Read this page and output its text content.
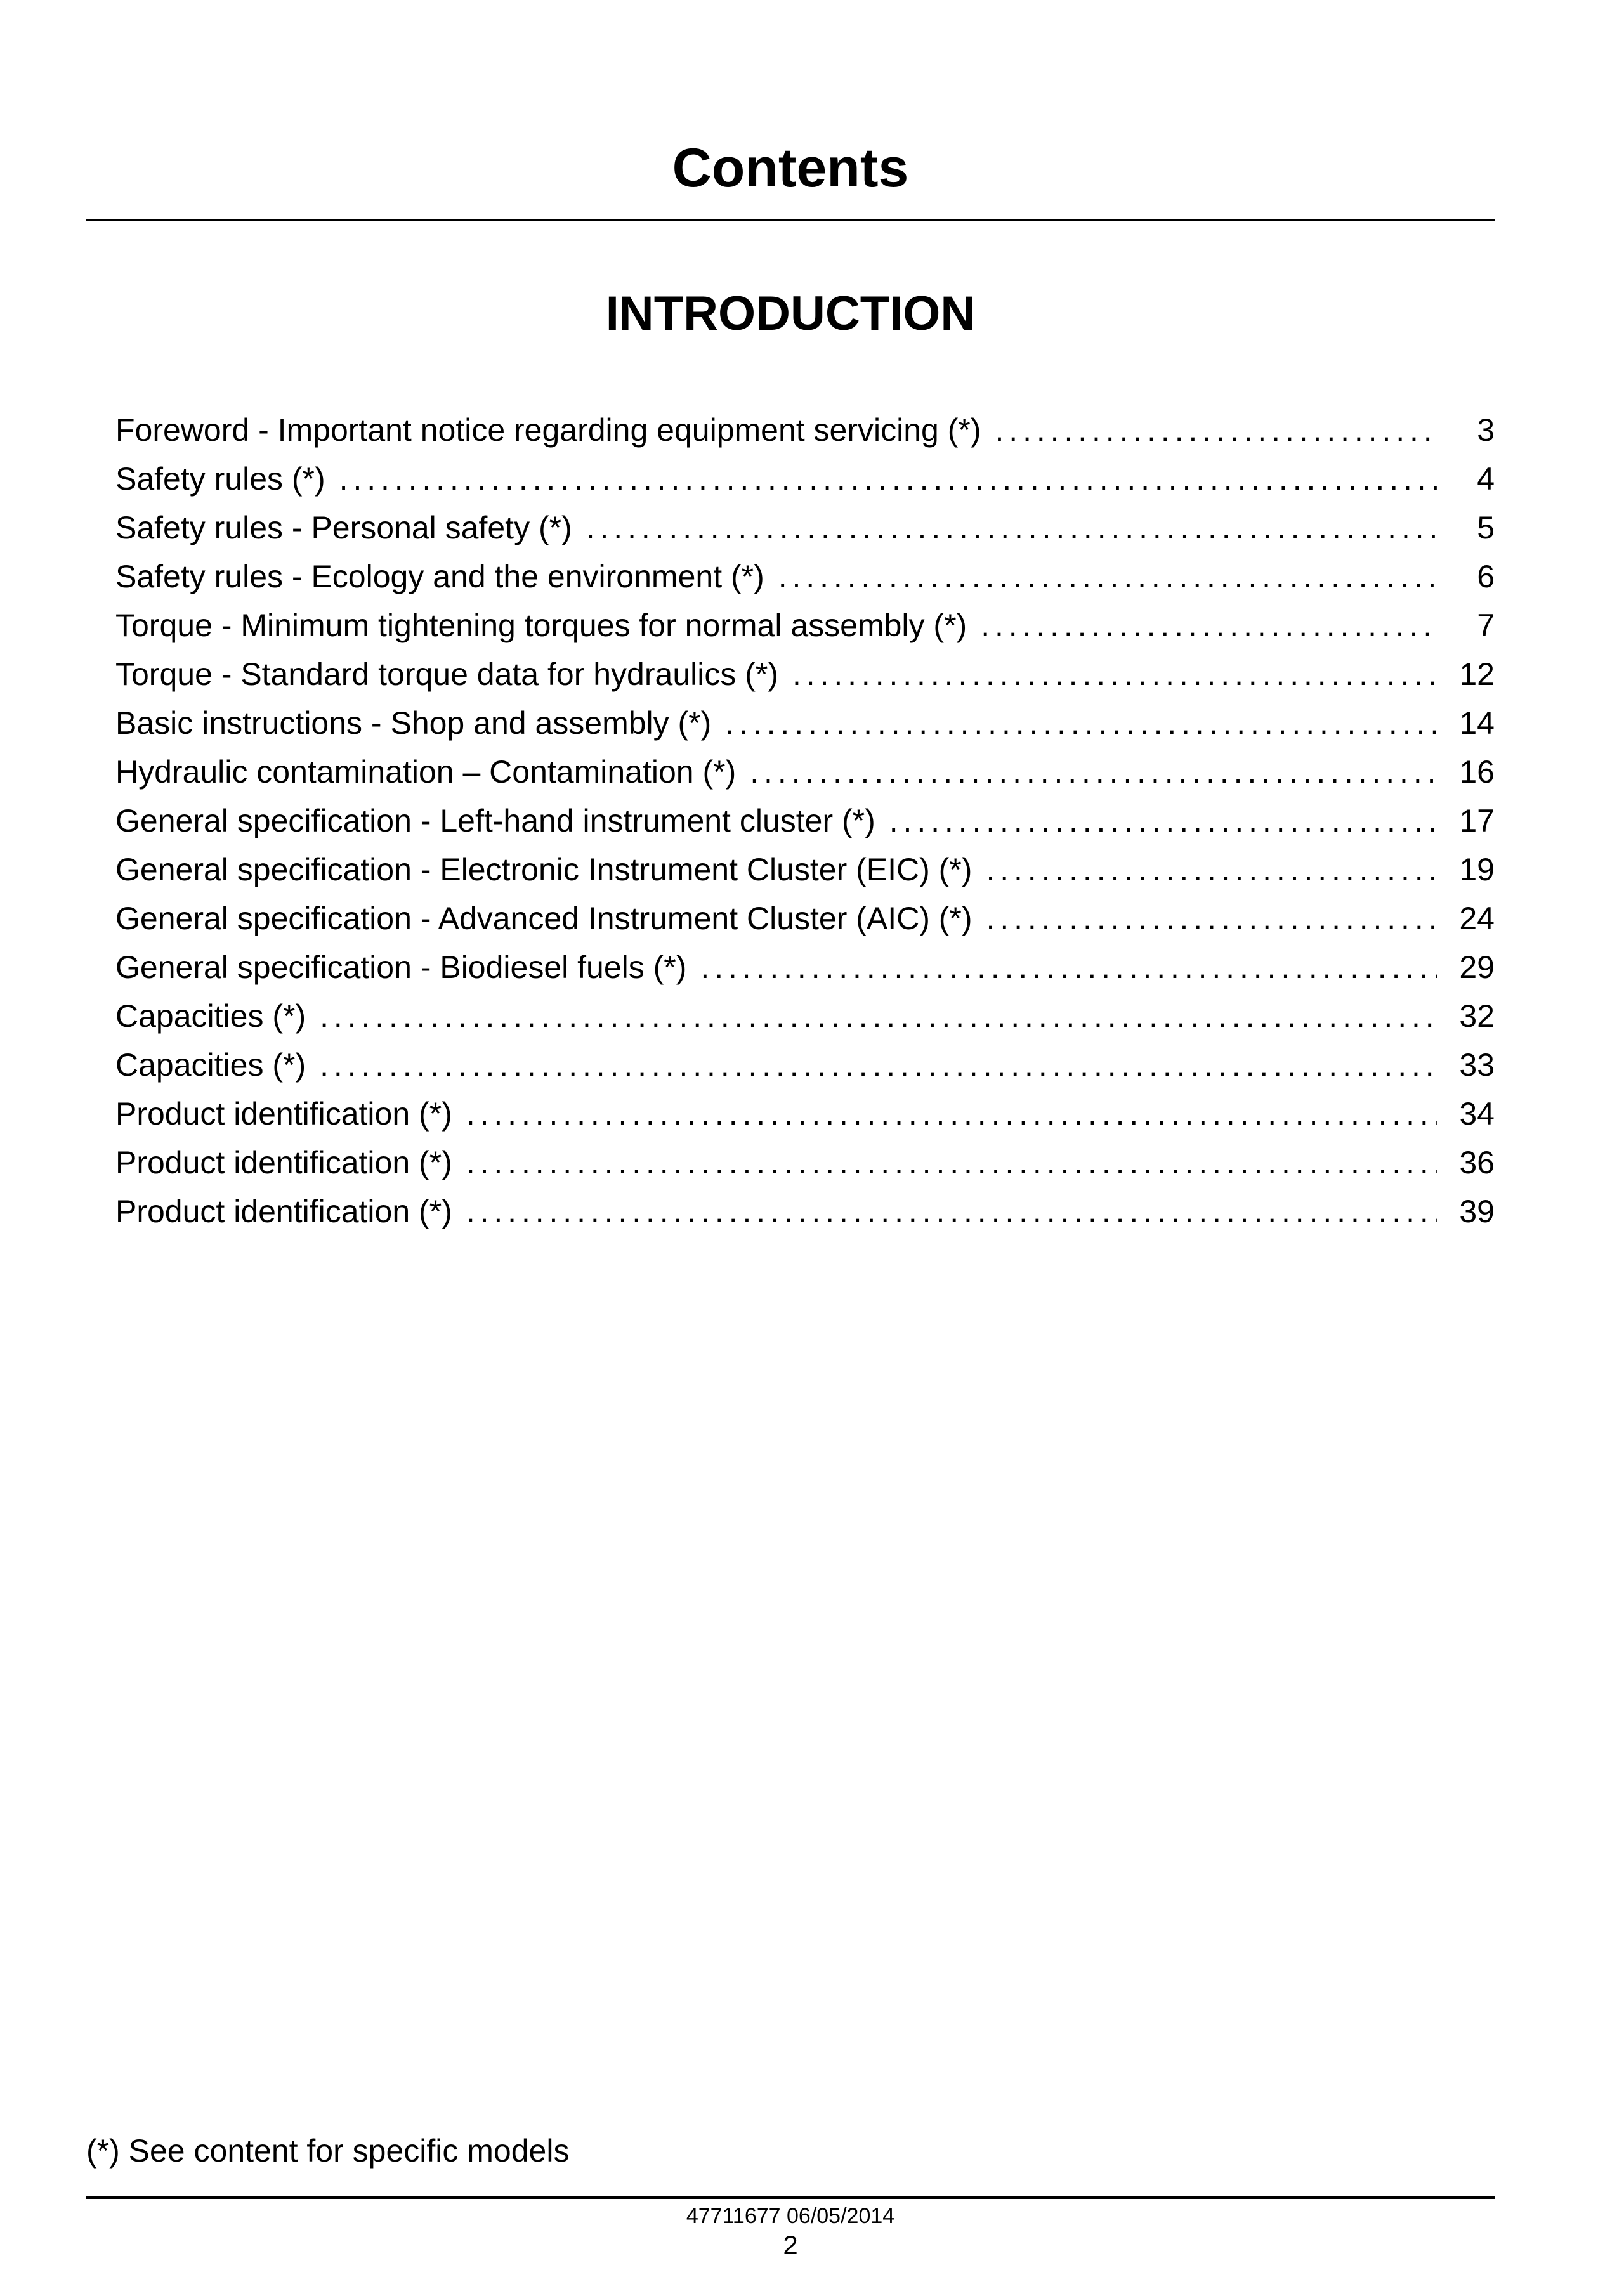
Contents
INTRODUCTION
Foreword - Important notice regarding equipment servicing (*) . . .	3
Safety rules (*) . . .	4
Safety rules - Personal safety (*) . . .	5
Safety rules - Ecology and the environment (*) . . .	6
Torque - Minimum tightening torques for normal assembly (*) . . .	7
Torque - Standard torque data for hydraulics (*) . . .	12
Basic instructions - Shop and assembly (*) . . .	14
Hydraulic contamination – Contamination (*) . . .	16
General specification - Left-hand instrument cluster (*) . . .	17
General specification - Electronic Instrument Cluster (EIC) (*) . . .	19
General specification - Advanced Instrument Cluster (AIC) (*) . . .	24
General specification - Biodiesel fuels (*) . . .	29
Capacities (*) . . .	32
Capacities (*) . . .	33
Product identification (*) . . .	34
Product identification (*) . . .	36
Product identification (*) . . .	39

(*) See content for specific models

47711677 06/05/2014

2
